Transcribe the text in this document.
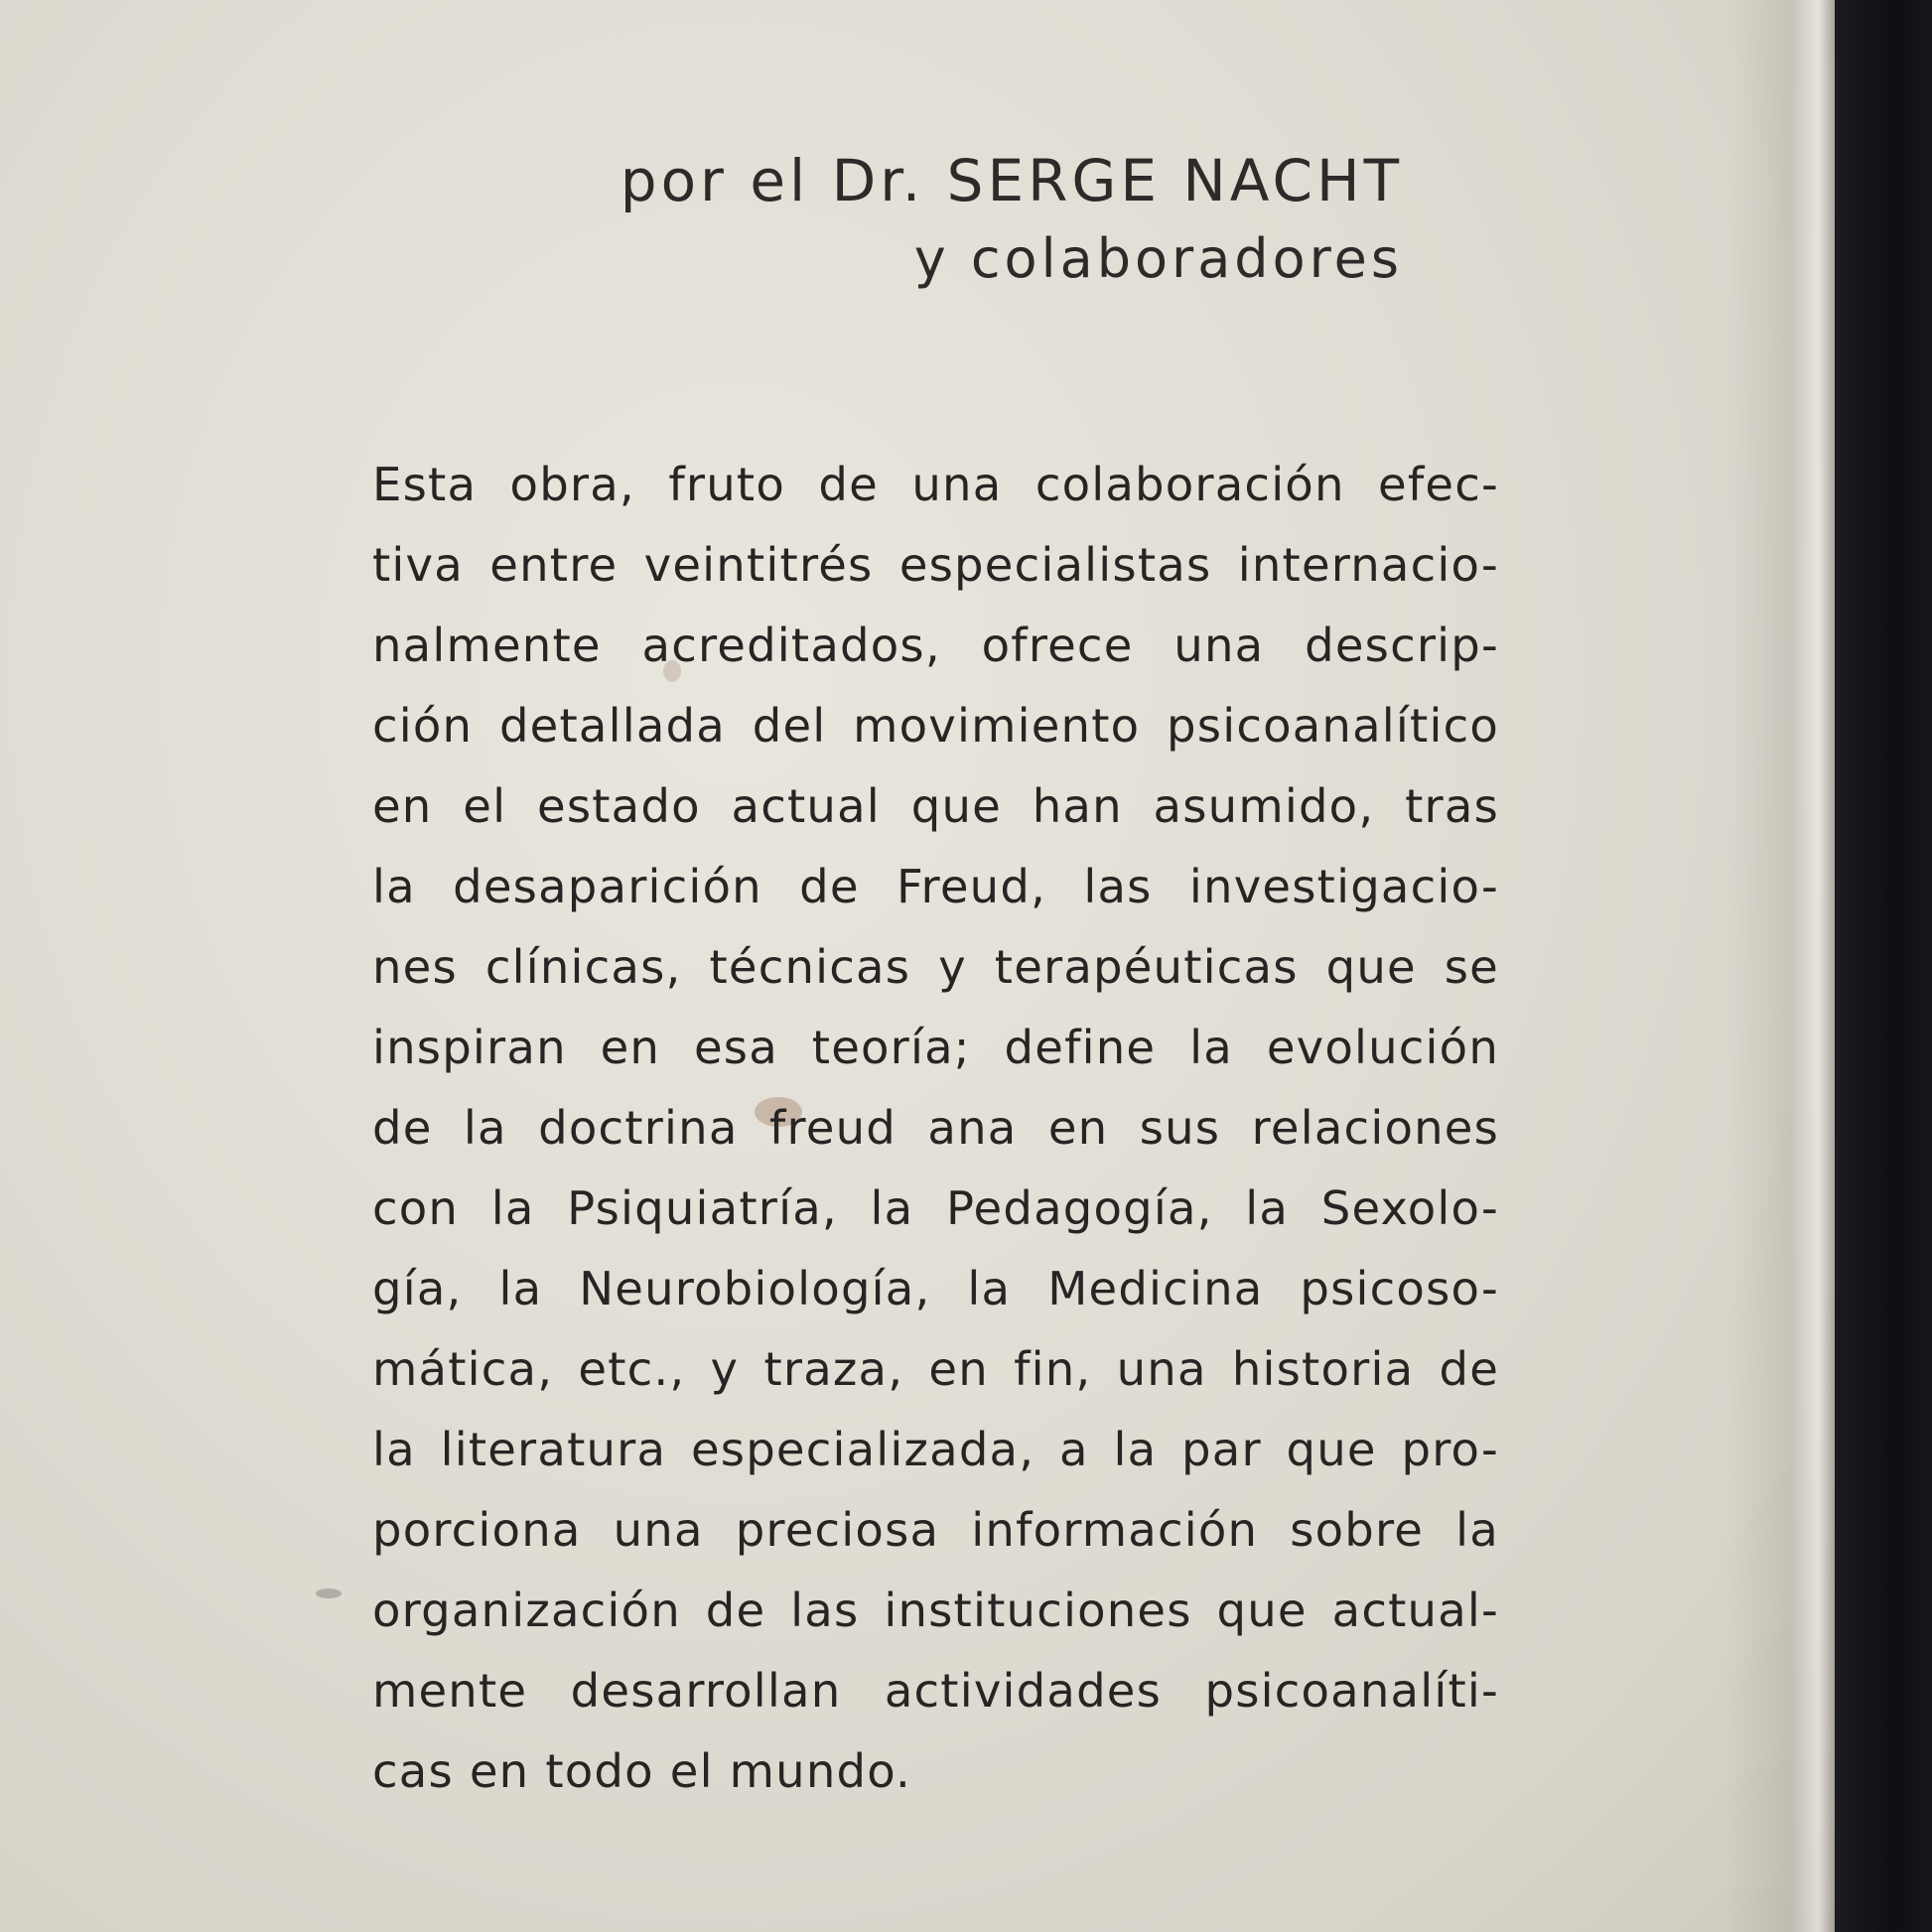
por el Dr. SERGE NACHT
y colaboradores

Esta obra, fruto de una colaboración efec-
tiva entre veintitrés especialistas internacio-
nalmente acreditados, ofrece una descrip-
ción detallada del movimiento psicoanalítico
en el estado actual que han asumido, tras
la desaparición de Freud, las investigacio-
nes clínicas, técnicas y terapéuticas que se
inspiran en esa teoría; define la evolución
de la doctrina freud ana en sus relaciones
con la Psiquiatría, la Pedagogía, la Sexolo-
gía, la Neurobiología, la Medicina psicoso-
mática, etc., y traza, en fin, una historia de
la literatura especializada, a la par que pro-
porciona una preciosa información sobre la
organización de las instituciones que actual-
mente desarrollan actividades psicoanalíti-
cas en todo el mundo.
